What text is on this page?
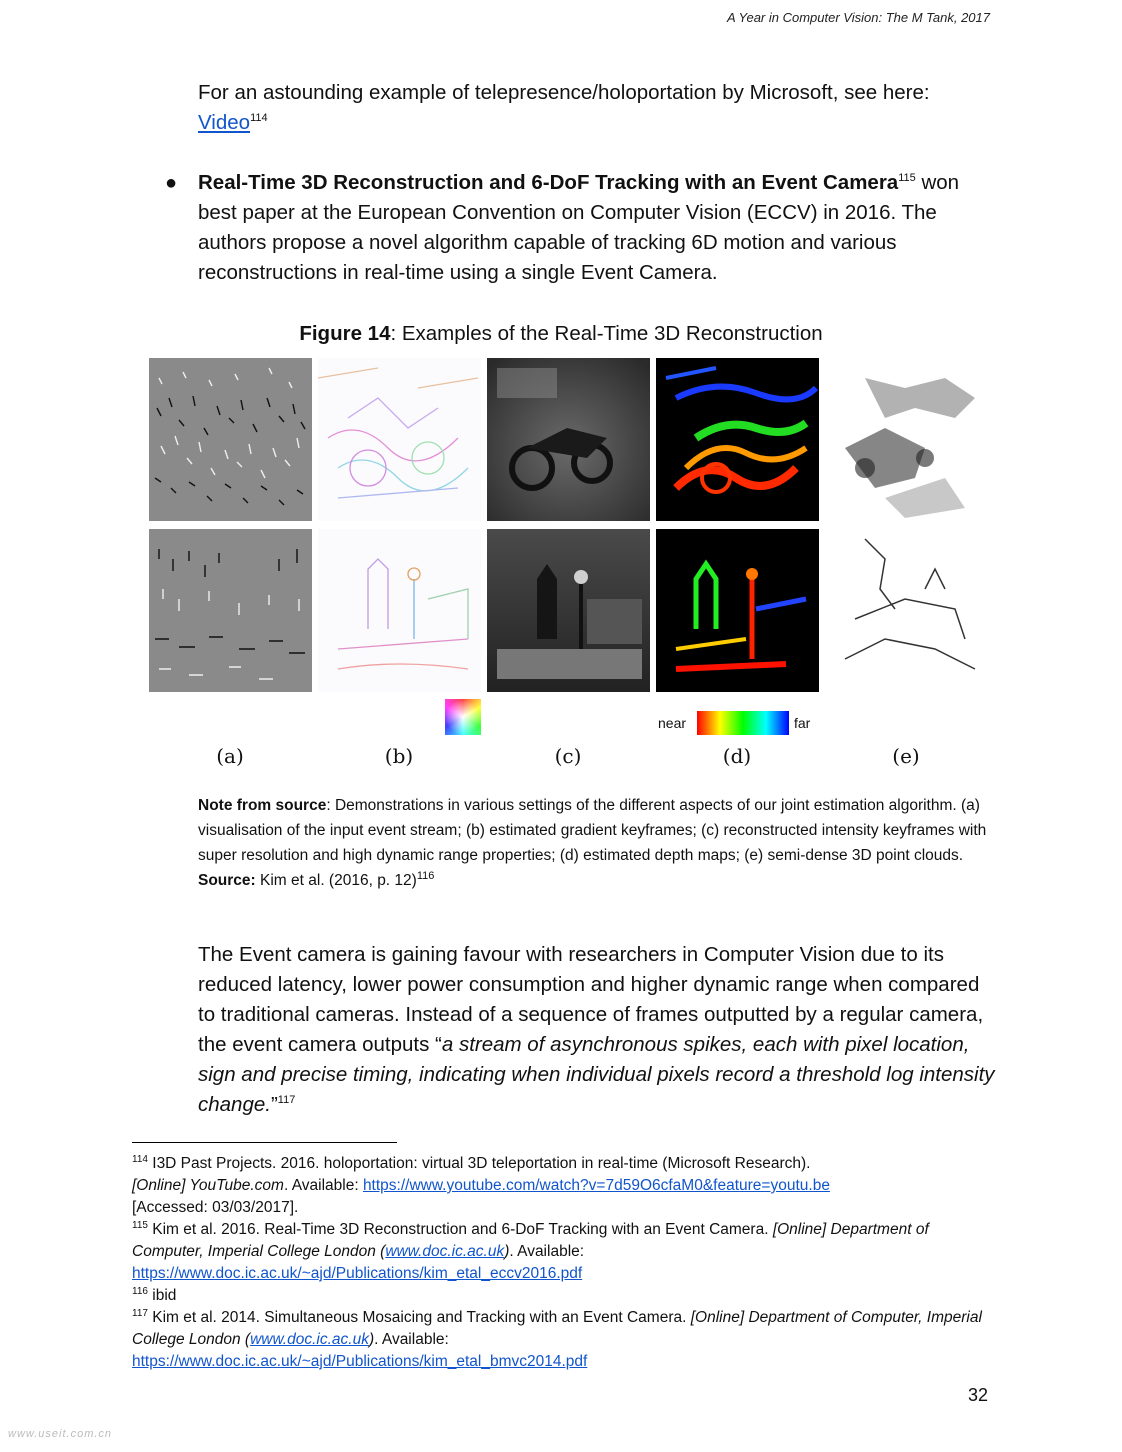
A Year in Computer Vision: The M Tank, 2017
For an astounding example of telepresence/holoportation by Microsoft, see here: Video$^{114}$
● Real-Time 3D Reconstruction and 6-DoF Tracking with an Event Camera$^{115}$ won best paper at the European Convention on Computer Vision (ECCV) in 2016. The authors propose a novel algorithm capable of tracking 6D motion and various reconstructions in real-time using a single Event Camera.
Figure 14: Examples of the Real-Time 3D Reconstruction
near	far
(a)	(b)	(c)	(d)	(e)
Note from source: Demonstrations in various settings of the different aspects of our joint estimation algorithm. (a) visualisation of the input event stream; (b) estimated gradient keyframes; (c) reconstructed intensity keyframes with super resolution and high dynamic range properties; (d) estimated depth maps; (e) semi-dense 3D point clouds.
Source: Kim et al. (2016, p. 12)$^{116}$
The Event camera is gaining favour with researchers in Computer Vision due to its reduced latency, lower power consumption and higher dynamic range when compared to traditional cameras. Instead of a sequence of frames outputted by a regular camera, the event camera outputs “a stream of asynchronous spikes, each with pixel location, sign and precise timing, indicating when individual pixels record a threshold log intensity change.”$^{117}$
$^{114}$ I3D Past Projects. 2016. holoportation: virtual 3D teleportation in real-time (Microsoft Research).
[Online] YouTube.com. Available: https://www.youtube.com/watch?v=7d59O6cfaM0&feature=youtu.be
[Accessed: 03/03/2017].
$^{115}$ Kim et al. 2016. Real-Time 3D Reconstruction and 6-DoF Tracking with an Event Camera. [Online] Department of Computer, Imperial College London (www.doc.ic.ac.uk). Available:
https://www.doc.ic.ac.uk/~ajd/Publications/kim_etal_eccv2016.pdf
$^{116}$ ibid
$^{117}$ Kim et al. 2014. Simultaneous Mosaicing and Tracking with an Event Camera. [Online] Department of Computer, Imperial College London (www.doc.ic.ac.uk). Available:
https://www.doc.ic.ac.uk/~ajd/Publications/kim_etal_bmvc2014.pdf
32
www.useit.com.cn
